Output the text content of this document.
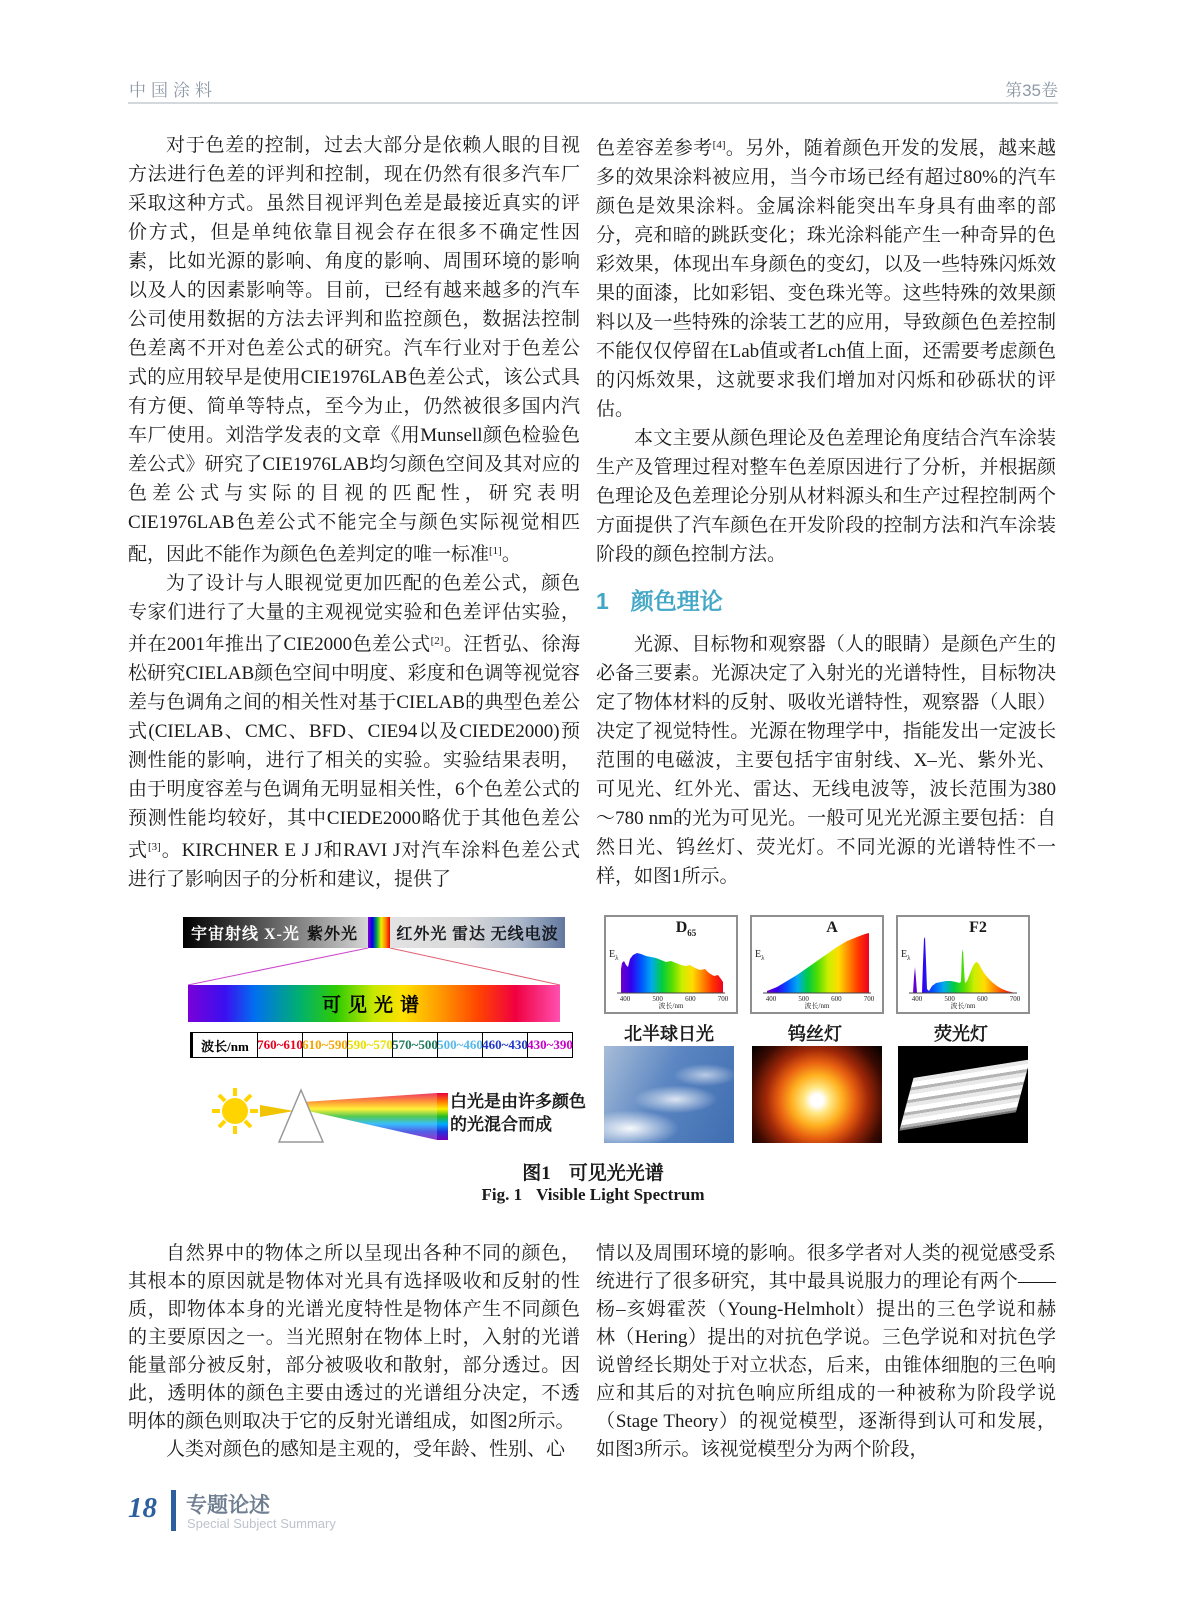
中国涂料	第35卷

对于色差的控制，过去大部分是依赖人眼的目视方法进行色差的评判和控制，现在仍然有很多汽车厂采取这种方式。虽然目视评判色差是最接近真实的评价方式，但是单纯依靠目视会存在很多不确定性因素，比如光源的影响、角度的影响、周围环境的影响以及人的因素影响等。目前，已经有越来越多的汽车公司使用数据的方法去评判和监控颜色，数据法控制色差离不开对色差公式的研究。汽车行业对于色差公式的应用较早是使用CIE1976LAB色差公式，该公式具有方便、简单等特点，至今为止，仍然被很多国内汽车厂使用。刘浩学发表的文章《用Munsell颜色检验色差公式》研究了CIE1976LAB均匀颜色空间及其对应的色差公式与实际的目视的匹配性，研究表明CIE1976LAB色差公式不能完全与颜色实际视觉相匹配，因此不能作为颜色色差判定的唯一标准[1]。

为了设计与人眼视觉更加匹配的色差公式，颜色专家们进行了大量的主观视觉实验和色差评估实验，并在2001年推出了CIE2000色差公式[2]。汪哲弘、徐海松研究CIELAB颜色空间中明度、彩度和色调等视觉容差与色调角之间的相关性对基于CIELAB的典型色差公式(CIELAB、CMC、BFD、CIE94以及CIEDE2000)预测性能的影响，进行了相关的实验。实验结果表明，由于明度容差与色调角无明显相关性，6个色差公式的预测性能均较好，其中CIEDE2000略优于其他色差公式[3]。KIRCHNER E J J和RAVI J对汽车涂料色差公式进行了影响因子的分析和建议，提供了

色差容差参考[4]。另外，随着颜色开发的发展，越来越多的效果涂料被应用，当今市场已经有超过80%的汽车颜色是效果涂料。金属涂料能突出车身具有曲率的部分，亮和暗的跳跃变化；珠光涂料能产生一种奇异的色彩效果，体现出车身颜色的变幻，以及一些特殊闪烁效果的面漆，比如彩铝、变色珠光等。这些特殊的效果颜料以及一些特殊的涂装工艺的应用，导致颜色色差控制不能仅仅停留在Lab值或者Lch值上面，还需要考虑颜色的闪烁效果，这就要求我们增加对闪烁和砂砾状的评估。

本文主要从颜色理论及色差理论角度结合汽车涂装生产及管理过程对整车色差原因进行了分析，并根据颜色理论及色差理论分别从材料源头和生产过程控制两个方面提供了汽车颜色在开发阶段的控制方法和汽车涂装阶段的颜色控制方法。

1 颜色理论

光源、目标物和观察器（人的眼睛）是颜色产生的必备三要素。光源决定了入射光的光谱特性，目标物决定了物体材料的反射、吸收光谱特性，观察器（人眼）决定了视觉特性。光源在物理学中，指能发出一定波长范围的电磁波，主要包括宇宙射线、X–光、紫外光、可见光、红外光、雷达、无线电波等，波长范围为380～780 nm的光为可见光。一般可见光光源主要包括：自然日光、钨丝灯、荧光灯。不同光源的光谱特性不一样，如图1所示。

宇宙射线 X-光 紫外光 红外光 雷达 无线电波
可见光谱
波长/nm 760~610 610~590 590~570 570~500 500~460 460~430 430~390
白光是由许多颜色
的光混合而成
$D_{65}$
$E_\lambda$
400	500	600	700
波长/nm
A
$E_\lambda$
400	500	600	700
波长/nm
F2
$E_\lambda$
400	500	600	700
波长/nm
北半球日光	钨丝灯	荧光灯
图1 可见光光谱
Fig. 1 Visible Light Spectrum

自然界中的物体之所以呈现出各种不同的颜色，其根本的原因就是物体对光具有选择吸收和反射的性质，即物体本身的光谱光度特性是物体产生不同颜色的主要原因之一。当光照射在物体上时，入射的光谱能量部分被反射，部分被吸收和散射，部分透过。因此，透明体的颜色主要由透过的光谱组分决定，不透明体的颜色则取决于它的反射光谱组成，如图2所示。

人类对颜色的感知是主观的，受年龄、性别、心

情以及周围环境的影响。很多学者对人类的视觉感受系统进行了很多研究，其中最具说服力的理论有两个——杨–亥姆霍茨（Young-Helmholt）提出的三色学说和赫林（Hering）提出的对抗色学说。三色学说和对抗色学说曾经长期处于对立状态，后来，由锥体细胞的三色响应和其后的对抗色响应所组成的一种被称为阶段学说（Stage Theory）的视觉模型，逐渐得到认可和发展，如图3所示。该视觉模型分为两个阶段，

18 专题论述
Special Subject Summary
